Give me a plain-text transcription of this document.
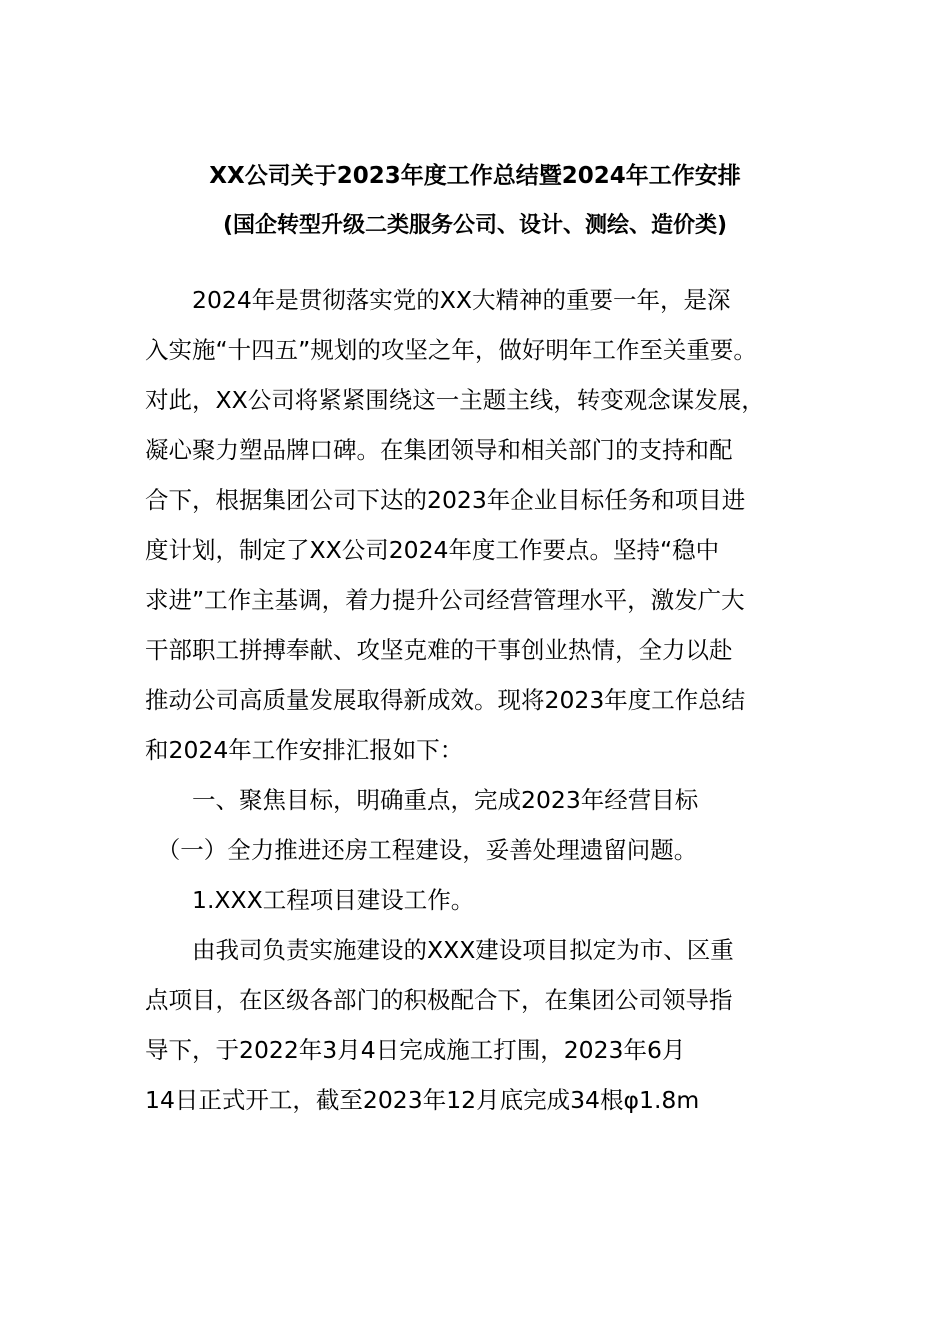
XX公司关于2023年度工作总结暨2024年工作安排
(国企转型升级二类服务公司、设计、测绘、造价类)
　　2024年是贯彻落实党的XX大精神的重要一年，是深
入实施“十四五”规划的攻坚之年，做好明年工作至关重要。
对此，XX公司将紧紧围绕这一主题主线，转变观念谋发展，
凝心聚力塑品牌口碑。在集团领导和相关部门的支持和配
合下，根据集团公司下达的2023年企业目标任务和项目进
度计划，制定了XX公司2024年度工作要点。坚持“稳中
求进”工作主基调，着力提升公司经营管理水平，激发广大
干部职工拼搏奉献、攻坚克难的干事创业热情，全力以赴
推动公司高质量发展取得新成效。现将2023年度工作总结
和2024年工作安排汇报如下：
　　一、聚焦目标，明确重点，完成2023年经营目标
　（一）全力推进还房工程建设，妥善处理遗留问题。
　　1.XXX工程项目建设工作。
　　由我司负责实施建设的XXX建设项目拟定为市、区重
点项目，在区级各部门的积极配合下，在集团公司领导指
导下，于2022年3月4日完成施工打围，2023年6月
14日正式开工，截至2023年12月底完成34根φ1.8m
